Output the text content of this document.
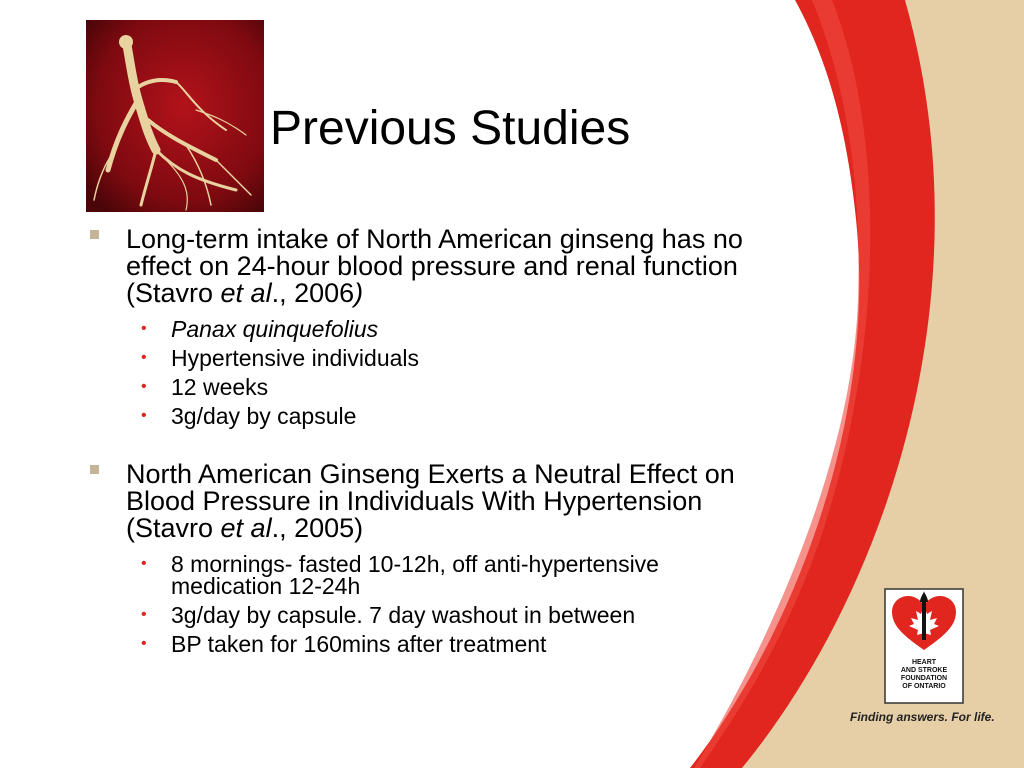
Previous Studies
Long-term intake of North American ginseng has no
effect on 24-hour blood pressure and renal function
(Stavro et al., 2006)
• Panax quinquefolius
• Hypertensive individuals
• 12 weeks
• 3g/day by capsule
North American Ginseng Exerts a Neutral Effect on
Blood Pressure in Individuals With Hypertension
(Stavro et al., 2005)
• 8 mornings- fasted 10-12h, off anti-hypertensive
medication 12-24h
• 3g/day by capsule. 7 day washout in between
• BP taken for 160mins after treatment
HEART
AND STROKE
FOUNDATION
OF ONTARIO

Finding answers. For life.
